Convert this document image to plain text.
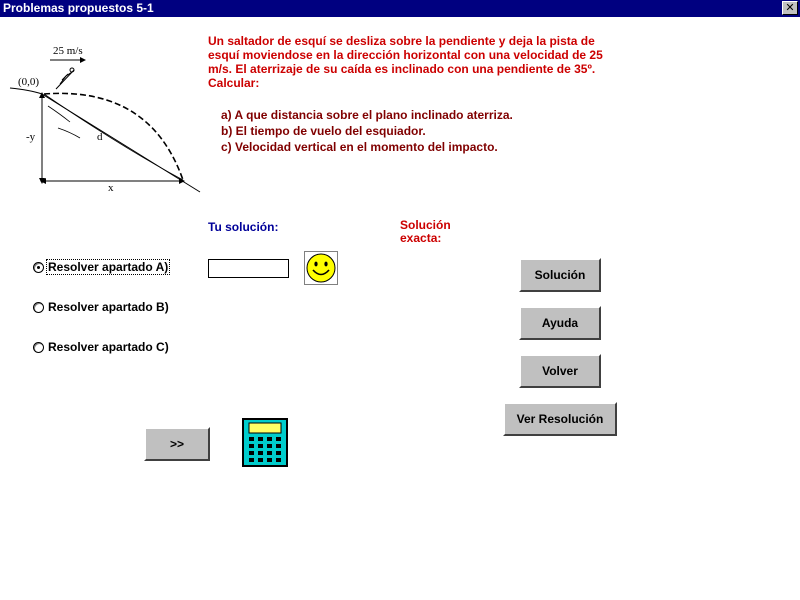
Problemas propuestos 5-1	✕
25 m/s
(0,0)
d
-y
x
Un saltador de esquí se desliza sobre la pendiente y deja la pista de esquí moviendose en la dirección horizontal con una velocidad de 25 m/s. El aterrizaje de su caída es inclinado con una pendiente de 35º. Calcular:
a) A que distancia sobre el plano inclinado aterriza.
b) El tiempo de vuelo del esquiador.
c) Velocidad vertical en el momento del impacto.
Tu solución:	Solución exacta:
Resolver apartado A)
Resolver apartado B)
Resolver apartado C)
Solución
Ayuda
Volver
Ver Resolución
>>
